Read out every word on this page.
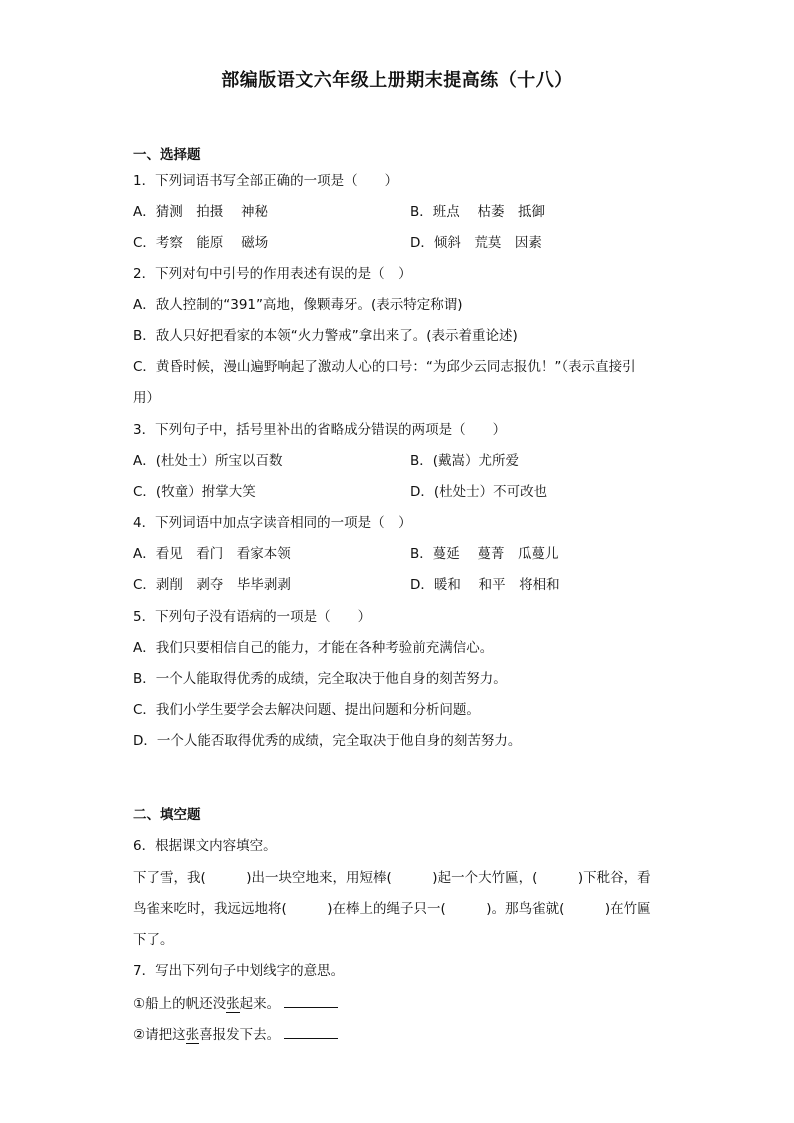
部编版语文六年级上册期末提高练（十八）
一、选择题
1．下列词语书写全部正确的一项是（　　）
A．猜测　拍摄　 神秘	B．班点　 枯萎　抵御
C．考察　能原　 磁场	D．倾斜　荒莫　因素
2．下列对句中引号的作用表述有误的是（　）
A．敌人控制的“391”高地，像颗毒牙。(表示特定称谓)
B．敌人只好把看家的本领“火力警戒”拿出来了。(表示着重论述)
C．黄昏时候，漫山遍野响起了激动人心的口号：“为邱少云同志报仇！”（表示直接引
用）
3．下列句子中，括号里补出的省略成分错误的两项是（　　）
A．(杜处士）所宝以百数	B．(戴嵩）尤所爱
C．(牧童）拊掌大笑	D．(杜处士）不可改也
4．下列词语中加点字读音相同的一项是（　）
A．看见　看门　看家本领	B．蔓延　 蔓菁　瓜蔓儿
C．剥削　剥夺　毕毕剥剥	D．暖和　 和平　将相和
5．下列句子没有语病的一项是（　　）
A．我们只要相信自己的能力，才能在各种考验前充满信心。
B．一个人能取得优秀的成绩，完全取决于他自身的刻苦努力。
C．我们小学生要学会去解决问题、提出问题和分析问题。
D．一个人能否取得优秀的成绩，完全取决于他自身的刻苦努力。
二、填空题
6．根据课文内容填空。
下了雪，我(　　　)出一块空地来，用短棒(　　　)起一个大竹匾，(　　　)下秕谷，看
鸟雀来吃时，我远远地将(　　　)在棒上的绳子只一(　　　)。那鸟雀就(　　　)在竹匾
下了。
7．写出下列句子中划线字的意思。
①船上的帆还没张起来。
②请把这张喜报发下去。
